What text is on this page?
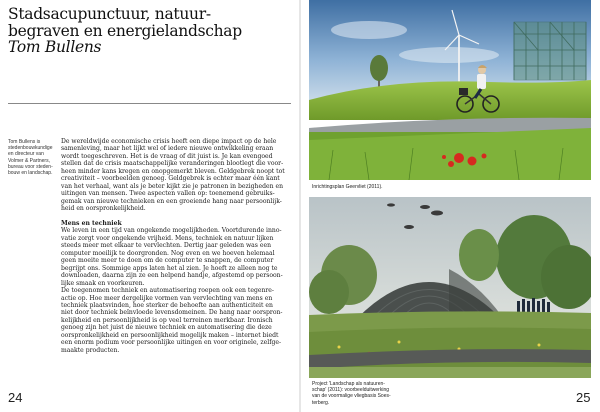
Stadsacupunctuur, natuur-
begraven en energielandschap
Tom Bullens
Tom Bullens is
stedenbouwkundige
en directeur van
Volmer & Partners,
bureau voor steden-
bouw en landschap.
De wereldwijde economische crisis heeft een diepe impact op de hele
samenleving, maar het lijkt wel of iedere nieuwe ontwikkeling eraan
wordt toegeschreven. Het is de vraag of dit juist is. Je kan evengoed
stellen dat de crisis maatschappelijke veranderingen blootlegt die voor-
heen minder kans kregen en onopgemerkt bleven. Geldgebrek noopt tot
creativiteit – voorbeelden genoeg. Geldgebrek is echter maar één kant
van het verhaal, want als je beter kijkt zie je patronen in bezigheden en
uitingen van mensen. Twee aspecten vallen op: toenemend gebruiks-
gemak van nieuwe technieken en een groeiende hang naar persoonlijk-
heid en oorspronkelijkheid.
Mens en techniek
We leven in een tijd van ongekende mogelijkheden. Voortdurende inno-
vatie zorgt voor ongekende vrijheid. Mens, techniek en natuur lijken
steeds meer met elkaar te vervlechten. Dertig jaar geleden was een
computer moeilijk te doorgronden. Nog even en we hoeven helemaal
geen moeite meer te doen om de computer te snappen, de computer
begrijpt ons. Sommige apps laten het al zien. Je hoeft ze alleen nog te
downloaden, daarna zijn ze een helpend handje, afgestemd op persoon-
lijke smaak en voorkeuren.
De toegenomen techniek en automatisering roepen ook een tegenre-
actie op. Hoe meer dergelijke vormen van vervlechting van mens en
techniek plaatsvinden, hoe sterker de behoefte aan authenticiteit en
niet door techniek beïnvloede levensdomeinen. De hang naar oorspron-
kelijkheid en persoonlijkheid is op veel terreinen merkbaar. Ironisch
genoeg zijn het juist de nieuwe techniek en automatisering die deze
oorspronkelijkheid en persoonlijkheid mogelijk maken – internet biedt
een enorm podium voor persoonlijke uitingen en voor originele, zelfge-
maakte producten.
24
Inrichtingsplan Geervliet (2011).
Project 'Landschap als natuuren-
schap' (2011): voorbeelduitwerking
van de voormalige vliegbasis Soes-
terberg.	25
